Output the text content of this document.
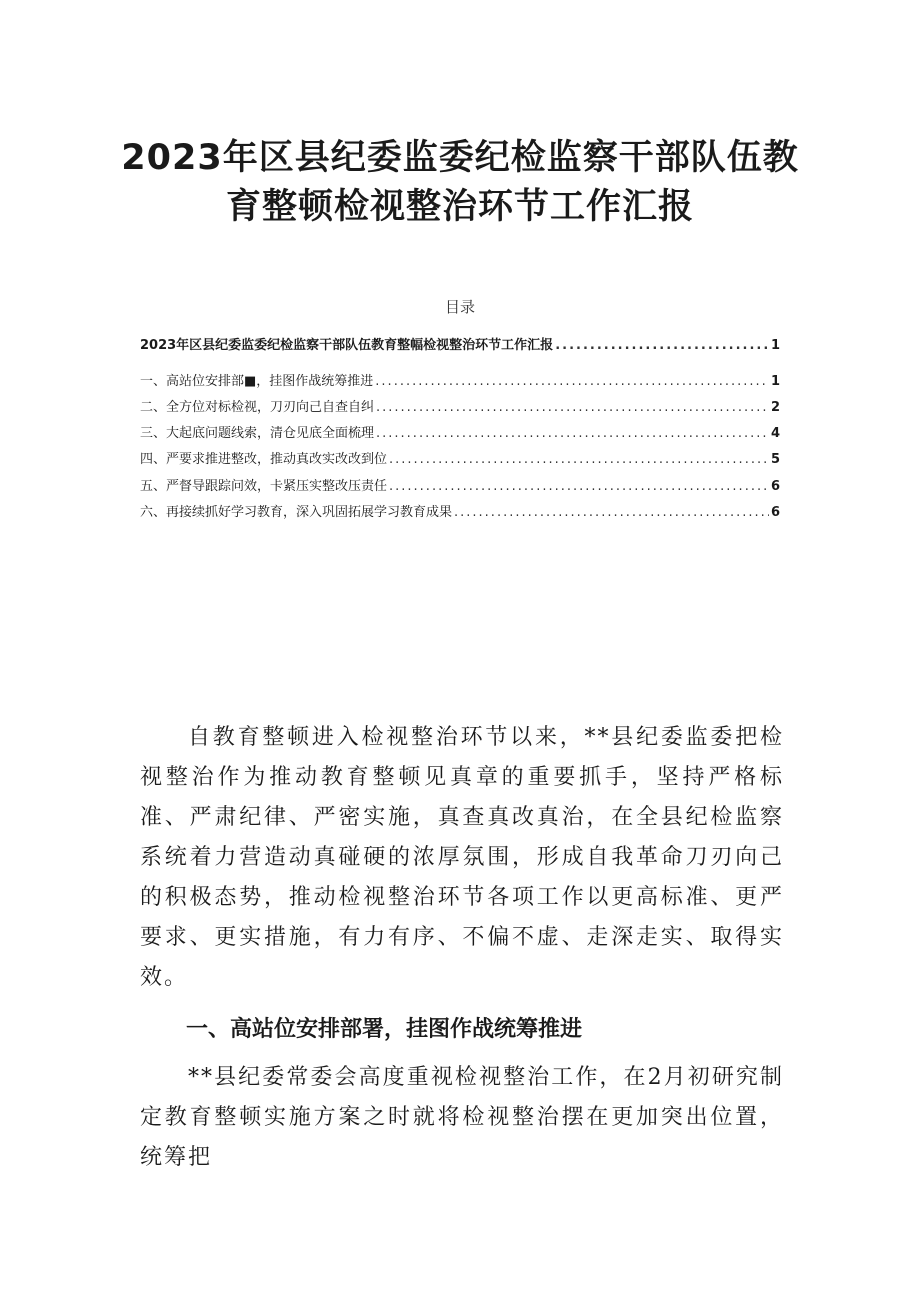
2023年区县纪委监委纪检监察干部队伍教
育整顿检视整治环节工作汇报
目录
2023年区县纪委监委纪检监察干部队伍教育整幅检视整治环节工作汇报 .....	1
一、高站位安排部■，挂图作战统筹推进 .....	1
二、全方位对标检视，刀刃向己自查自纠 .....	2
三、大起底问题线索，清仓见底全面梳理 .....	4
四、严要求推进整改，推动真改实改改到位 .....	5
五、严督导跟踪问效，卡紧压实整改压责任 .....	6
六、再接续抓好学习教育，深入巩固拓展学习教育成果 .....	6
自教育整顿进入检视整治环节以来，**县纪委监委把检视整治作为推动教育整顿见真章的重要抓手，坚持严格标准、严肃纪律、严密实施，真查真改真治，在全县纪检监察系统着力营造动真碰硬的浓厚氛围，形成自我革命刀刃向己的积极态势，推动检视整治环节各项工作以更高标准、更严要求、更实措施，有力有序、不偏不虚、走深走实、取得实效。
一、高站位安排部署，挂图作战统筹推进
**县纪委常委会高度重视检视整治工作，在2月初研究制定教育整顿实施方案之时就将检视整治摆在更加突出位置，统筹把
